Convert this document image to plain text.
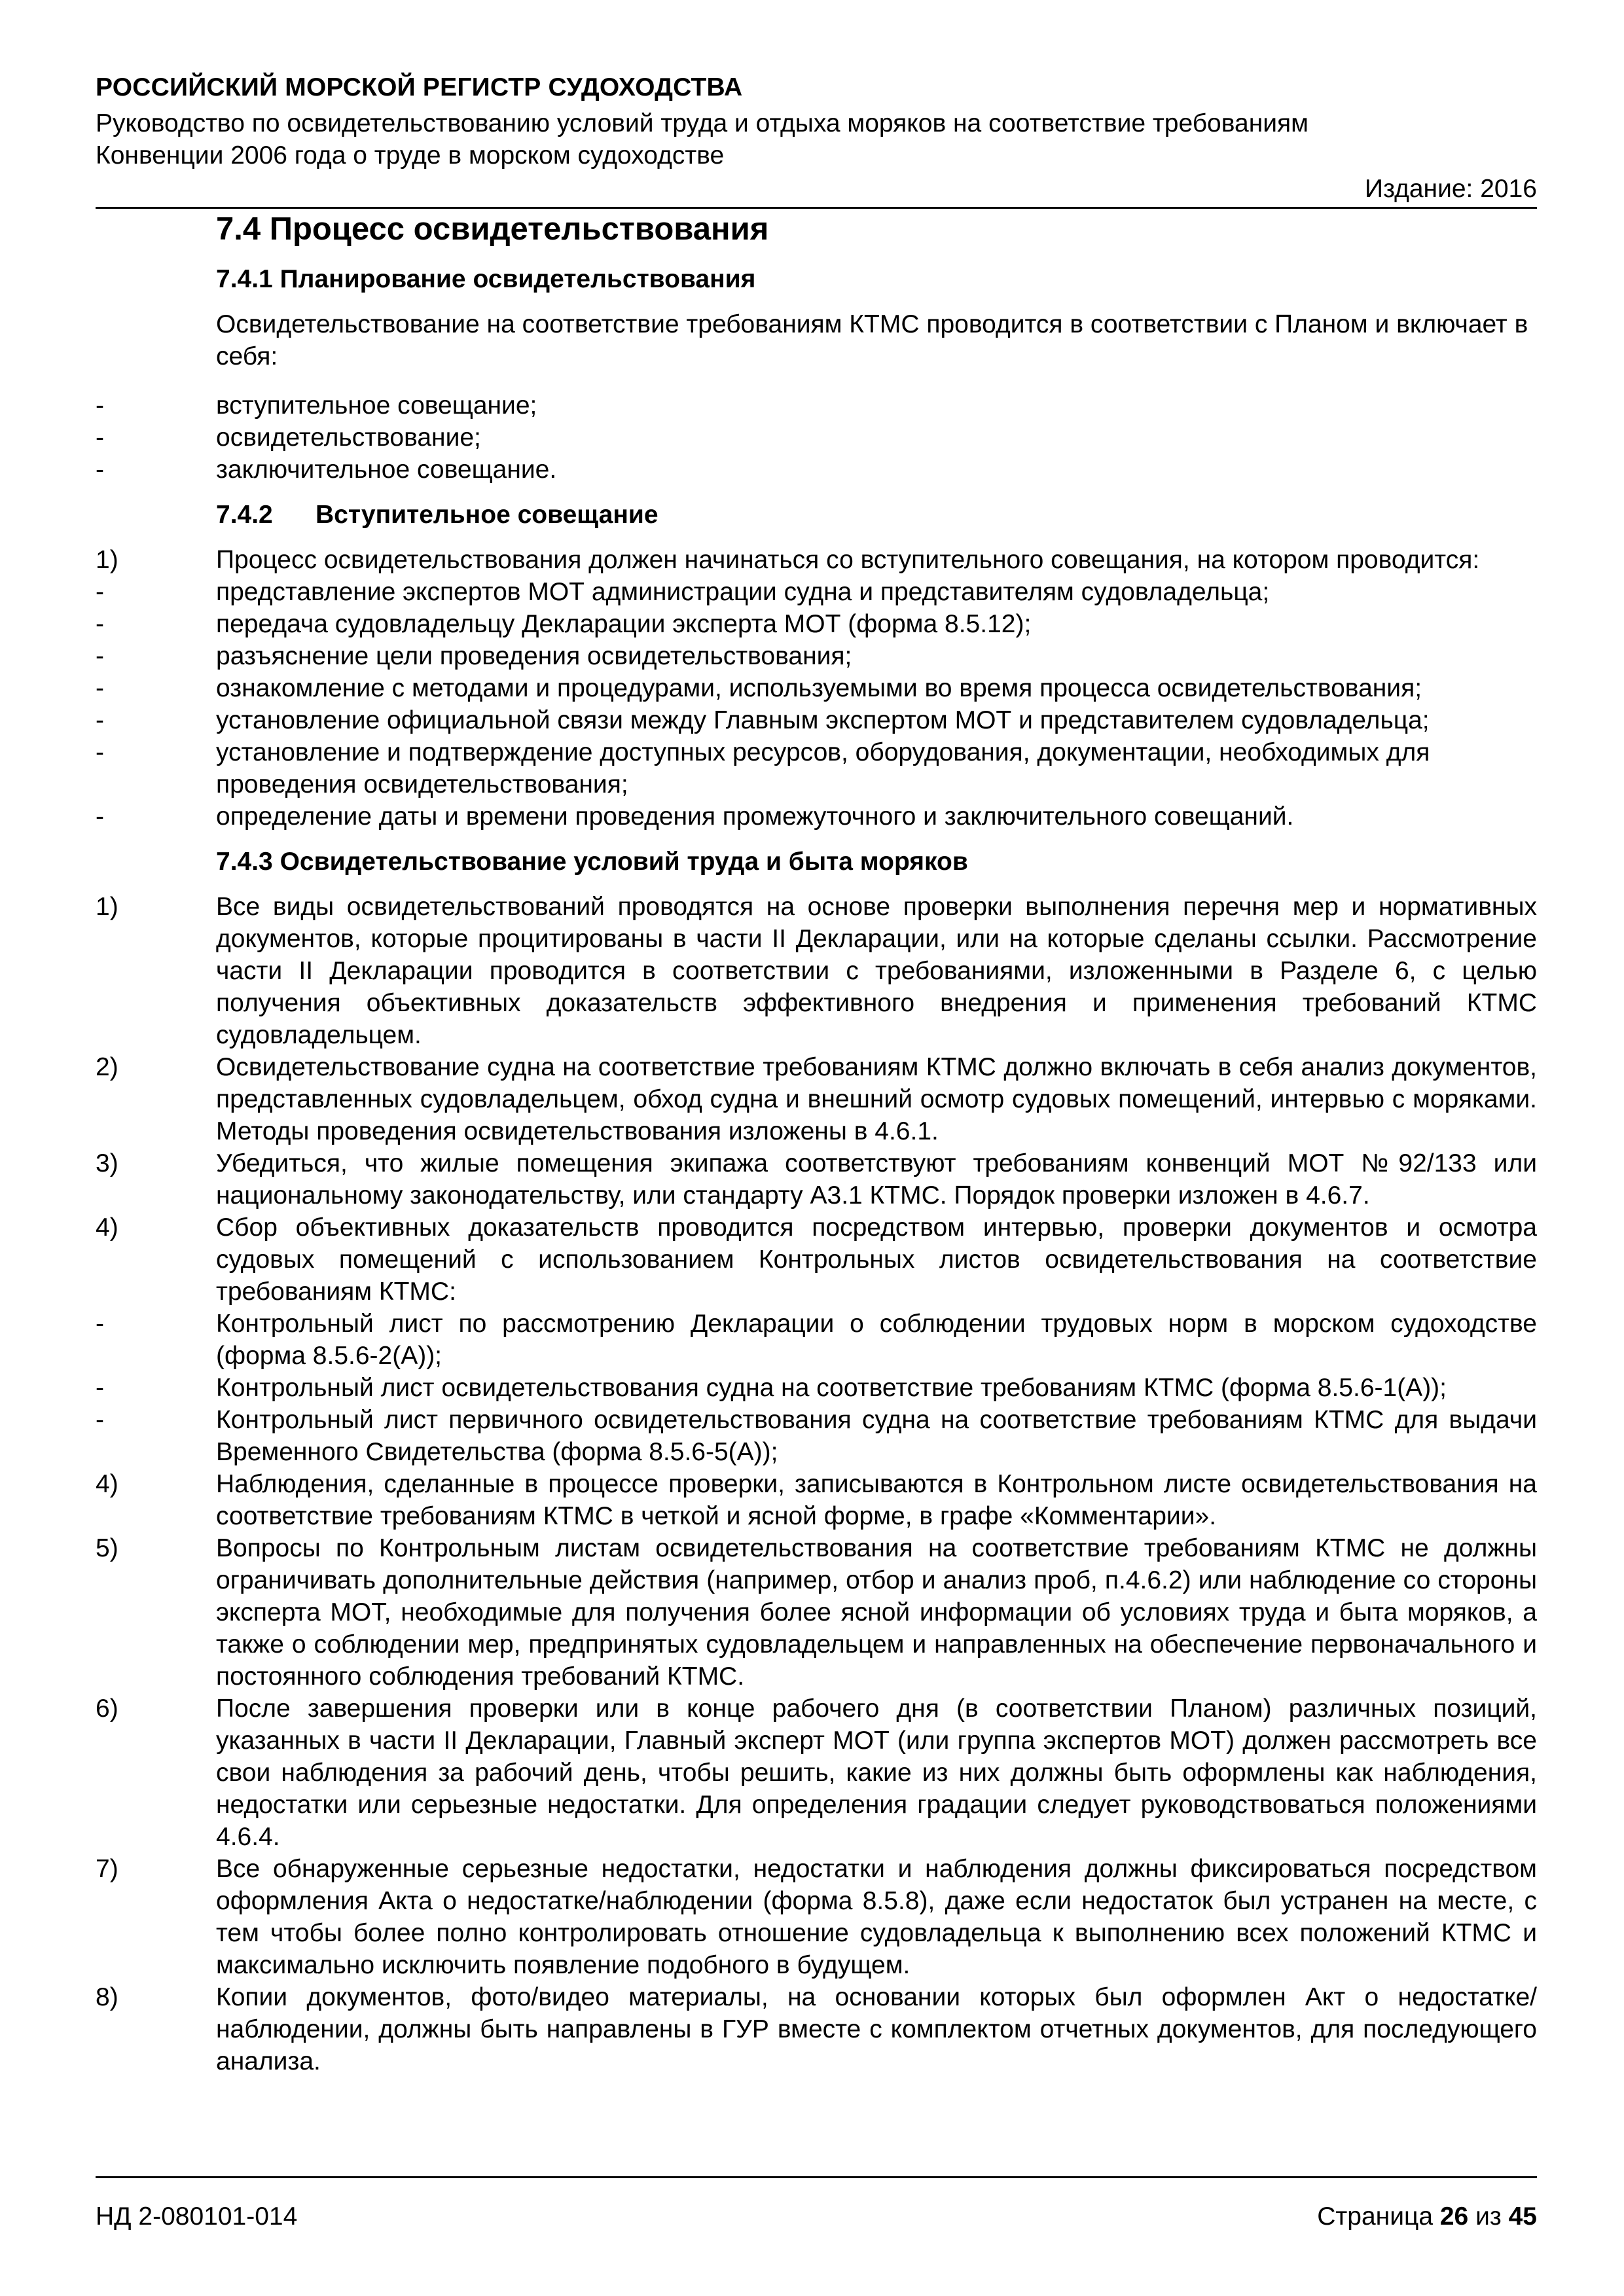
РОССИЙСКИЙ МОРСКОЙ РЕГИСТР СУДОХОДСТВА
Руководство по освидетельствованию условий труда и отдыха моряков на соответствие требованиям
Конвенции 2006 года о труде в морском судоходстве
Издание: 2016
7.4 Процесс освидетельствования
7.4.1 Планирование освидетельствования
Освидетельствование на соответствие требованиям КТМС проводится в соответствии с Планом и включает в себя:
-	вступительное совещание;
-	освидетельствование;
-	заключительное совещание.
7.4.2 Вступительное совещание
1)	Процесс освидетельствования должен начинаться со вступительного совещания, на котором проводится:
-	представление экспертов МОТ администрации судна и представителям судовладельца;
-	передача судовладельцу Декларации эксперта МОТ (форма 8.5.12);
-	разъяснение цели проведения освидетельствования;
-	ознакомление с методами и процедурами, используемыми во время процесса освидетельствования;
-	установление официальной связи между Главным экспертом МОТ и представителем судовладельца;
-	установление и подтверждение доступных ресурсов, оборудования, документации, необходимых для проведения освидетельствования;
-	определение даты и времени проведения промежуточного и заключительного совещаний.
7.4.3 Освидетельствование условий труда и быта моряков
1)	Все виды освидетельствований проводятся на основе проверки выполнения перечня мер и нормативных документов, которые процитированы в части II Декларации, или на которые сделаны ссылки. Рассмотрение части II Декларации проводится в соответствии с требованиями, изложенными в Разделе 6, с целью получения объективных доказательств эффективного внедрения и применения требований КТМС судовладельцем.
2)	Освидетельствование судна на соответствие требованиям КТМС должно включать в себя анализ документов, представленных судовладельцем, обход судна и внешний осмотр судовых помещений, интервью с моряками. Методы проведения освидетельствования изложены в 4.6.1.
3)	Убедиться, что жилые помещения экипажа соответствуют требованиям конвенций МОТ №92/133 или национальному законодательству, или стандарту А3.1 КТМС. Порядок проверки изложен в 4.6.7.
4)	Сбор объективных доказательств проводится посредством интервью, проверки документов и осмотра судовых помещений с использованием Контрольных листов освидетельствования на соответствие требованиям КТМС:
-	Контрольный лист по рассмотрению Декларации о соблюдении трудовых норм в морском судоходстве (форма 8.5.6-2(А));
-	Контрольный лист освидетельствования судна на соответствие требованиям КТМС (форма 8.5.6-1(А));
-	Контрольный лист первичного освидетельствования судна на соответствие требованиям КТМС для выдачи Временного Свидетельства (форма 8.5.6-5(А));
4)	Наблюдения, сделанные в процессе проверки, записываются в Контрольном листе освидетельствования на соответствие требованиям КТМС в четкой и ясной форме, в графе «Комментарии».
5)	Вопросы по Контрольным листам освидетельствования на соответствие требованиям КТМС не должны ограничивать дополнительные действия (например, отбор и анализ проб, п.4.6.2) или наблюдение со стороны эксперта МОТ, необходимые для получения более ясной информации об условиях труда и быта моряков, а также о соблюдении мер, предпринятых судовладельцем и направленных на обеспечение первоначального и постоянного соблюдения требований КТМС.
6)	После завершения проверки или в конце рабочего дня (в соответствии Планом) различных позиций, указанных в части II Декларации, Главный эксперт МОТ (или группа экспертов МОТ) должен рассмотреть все свои наблюдения за рабочий день, чтобы решить, какие из них должны быть оформлены как наблюдения, недостатки или серьезные недостатки. Для определения градации следует руководствоваться положениями 4.6.4.
7)	Все обнаруженные серьезные недостатки, недостатки и наблюдения должны фиксироваться посредством оформления Акта о недостатке/наблюдении (форма 8.5.8), даже если недостаток был устранен на месте, с тем чтобы более полно контролировать отношение судовладельца к выполнению всех положений КТМС и максимально исключить появление подобного в будущем.
8)	Копии документов, фото/видео материалы, на основании которых был оформлен Акт о недостатке/наблюдении, должны быть направлены в ГУР вместе с комплектом отчетных документов, для последующего анализа.
НД 2-080101-014	Страница 26 из 45
